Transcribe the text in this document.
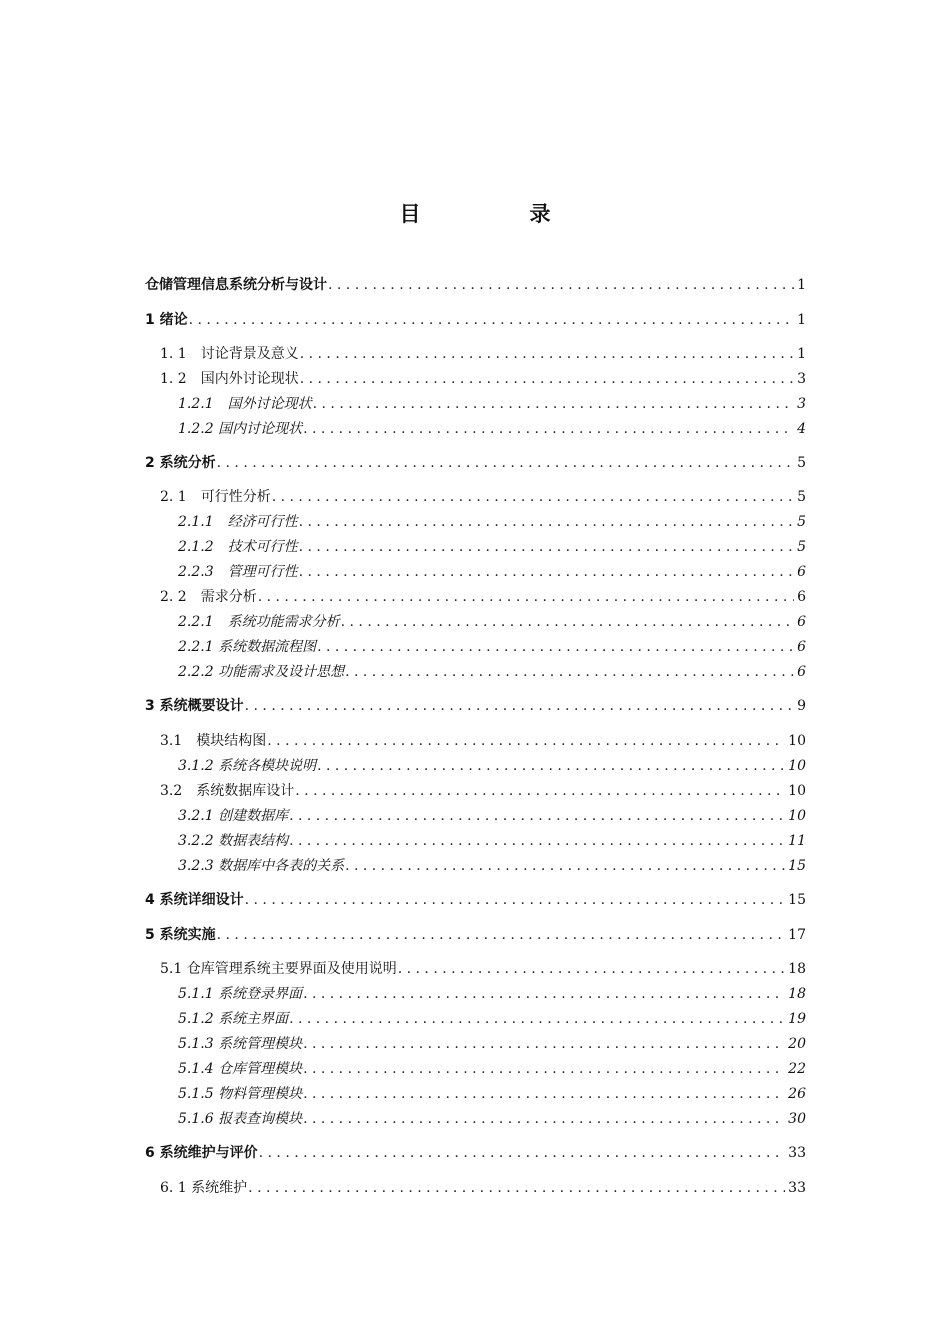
目　录
仓储管理信息系统分析与设计 . . .	1
1 绪论 . . .	1
1. 1　讨论背景及意义 . . .	1
1. 2　国内外讨论现状 . . .	3
1.2.1　国外讨论现状 . . .	3
1.2.2 国内讨论现状 . . .	4
2 系统分析 . . .	5
2. 1　可行性分析 . . .	5
2.1.1　经济可行性 . . .	5
2.1.2　技术可行性 . . .	5
2.2.3　管理可行性 . . .	6
2. 2　需求分析 . . .	6
2.2.1　系统功能需求分析 . . .	6
2.2.1 系统数据流程图 . . .	6
2.2.2 功能需求及设计思想 . . .	6
3 系统概要设计 . . .	9
3.1　模块结构图 . . .	10
3.1.2 系统各模块说明 . . .	10
3.2　系统数据库设计 . . .	10
3.2.1 创建数据库 . . .	10
3.2.2 数据表结构 . . .	11
3.2.3 数据库中各表的关系 . . .	15
4 系统详细设计 . . .	15
5 系统实施 . . .	17
5.1 仓库管理系统主要界面及使用说明 . . .	18
5.1.1 系统登录界面 . . .	18
5.1.2 系统主界面 . . .	19
5.1.3 系统管理模块 . . .	20
5.1.4 仓库管理模块 . . .	22
5.1.5 物料管理模块 . . .	26
5.1.6 报表查询模块 . . .	30
6 系统维护与评价 . . .	33
6. 1 系统维护 . . .	33
